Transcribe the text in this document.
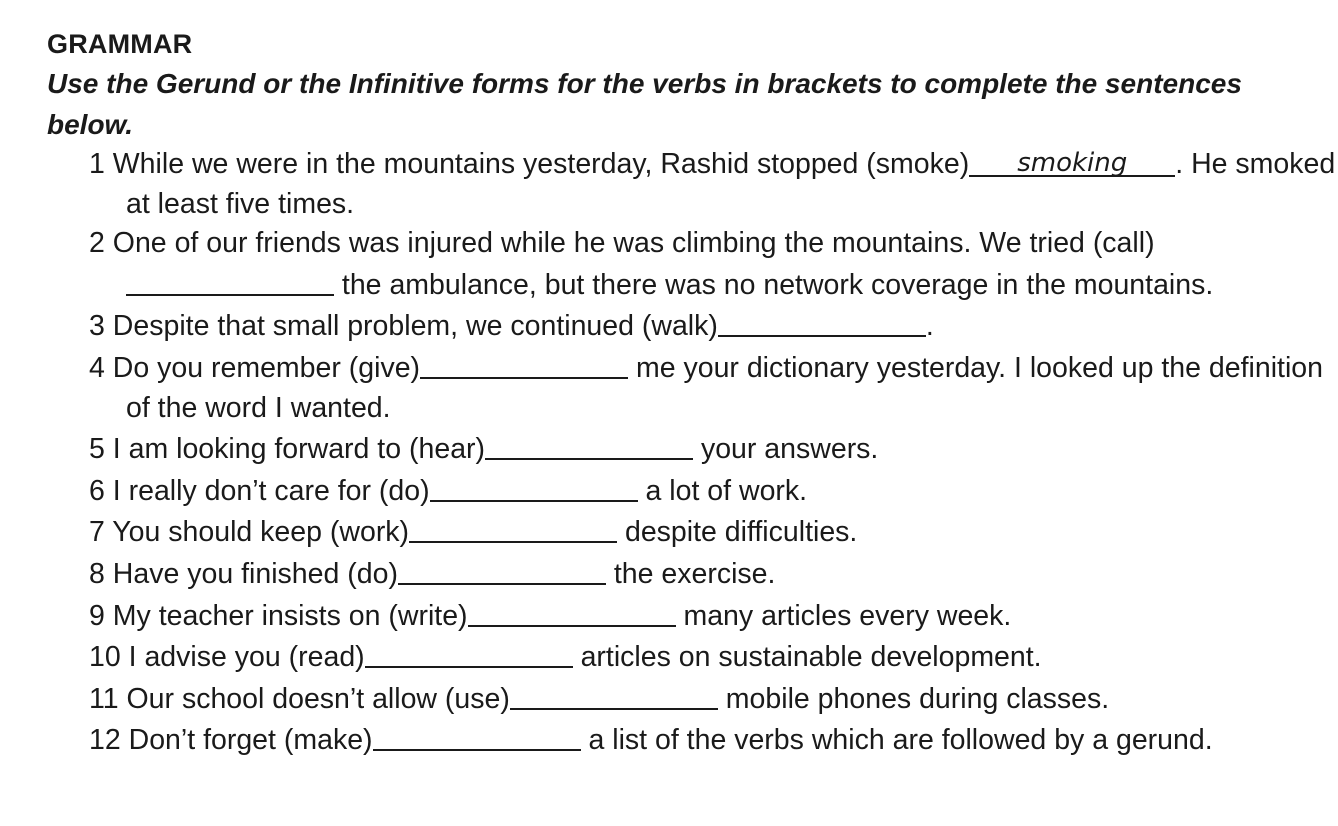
GRAMMAR
Use the Gerund or the Infinitive forms for the verbs in brackets to complete the sentences below.
1 While we were in the mountains yesterday, Rashid stopped (smoke) smoking . He smoked at least five times.
2 One of our friends was injured while he was climbing the mountains. We tried (call) the ambulance, but there was no network coverage in the mountains.
3 Despite that small problem, we continued (walk)	.
4 Do you remember (give)	me your dictionary yesterday. I looked up the definition of the word I wanted.
5 I am looking forward to (hear)	your answers.
6 I really don’t care for (do)	a lot of work.
7 You should keep (work)	despite difficulties.
8 Have you finished (do)	the exercise.
9 My teacher insists on (write)	many articles every week.
10 I advise you (read)	articles on sustainable development.
11 Our school doesn’t allow (use)	mobile phones during classes.
12 Don’t forget (make)	a list of the verbs which are followed by a gerund.
